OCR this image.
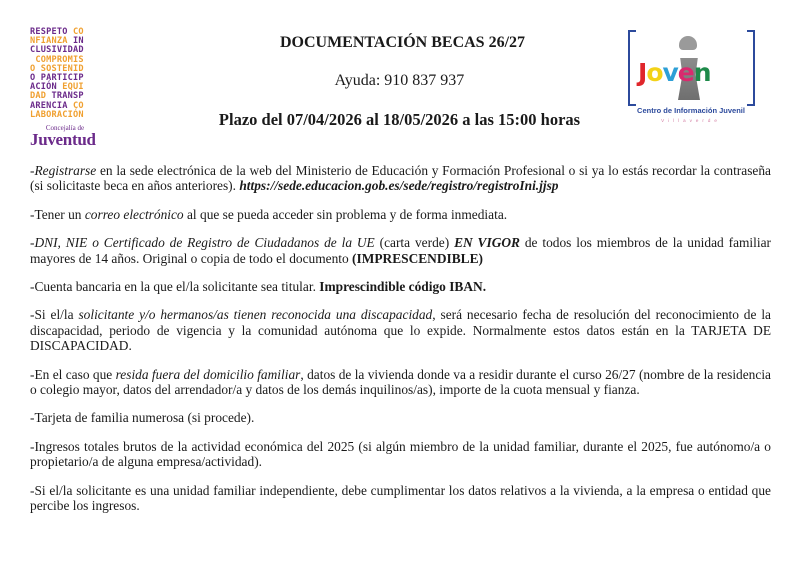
RESPETO CO
NFIANZA IN
CLUSIVIDAD
COMPROMIS
O SOSTENID
O PARTICIP
ACIÓN EQUI
DAD TRANSP
ARENCIA CO
LABORACIÓN
Concejalía de
Juventud
DOCUMENTACIÓN BECAS 26/27
Ayuda: 910 837 937
Plazo del 07/04/2026 al 18/05/2026 a las 15:00 horas
Joven
Centro de Información Juvenil
Villaverde

-Registrarse en la sede electrónica de la web del Ministerio de Educación y Formación Profesional o si ya lo estás recordar la contraseña (si solicitaste beca en años anteriores). https://sede.educacion.gob.es/sede/registro/registroIni.jjsp

-Tener un correo electrónico al que se pueda acceder sin problema y de forma inmediata.

-DNI, NIE o Certificado de Registro de Ciudadanos de la UE (carta verde) EN VIGOR de todos los miembros de la unidad familiar mayores de 14 años. Original o copia de todo el documento (IMPRESCENDIBLE)

-Cuenta bancaria en la que el/la solicitante sea titular. Imprescindible código IBAN.

-Si el/la solicitante y/o hermanos/as tienen reconocida una discapacidad, será necesario fecha de resolución del reconocimiento de la discapacidad, periodo de vigencia y la comunidad autónoma que lo expide. Normalmente estos datos están en la TARJETA DE DISCAPACIDAD.

-En el caso que resida fuera del domicilio familiar, datos de la vivienda donde va a residir durante el curso 26/27 (nombre de la residencia o colegio mayor, datos del arrendador/a y datos de los demás inquilinos/as), importe de la cuota mensual y fianza.

-Tarjeta de familia numerosa (si procede).

-Ingresos totales brutos de la actividad económica del 2025 (si algún miembro de la unidad familiar, durante el 2025, fue autónomo/a o propietario/a de alguna empresa/actividad).

-Si el/la solicitante es una unidad familiar independiente, debe cumplimentar los datos relativos a la vivienda, a la empresa o entidad que percibe los ingresos.
